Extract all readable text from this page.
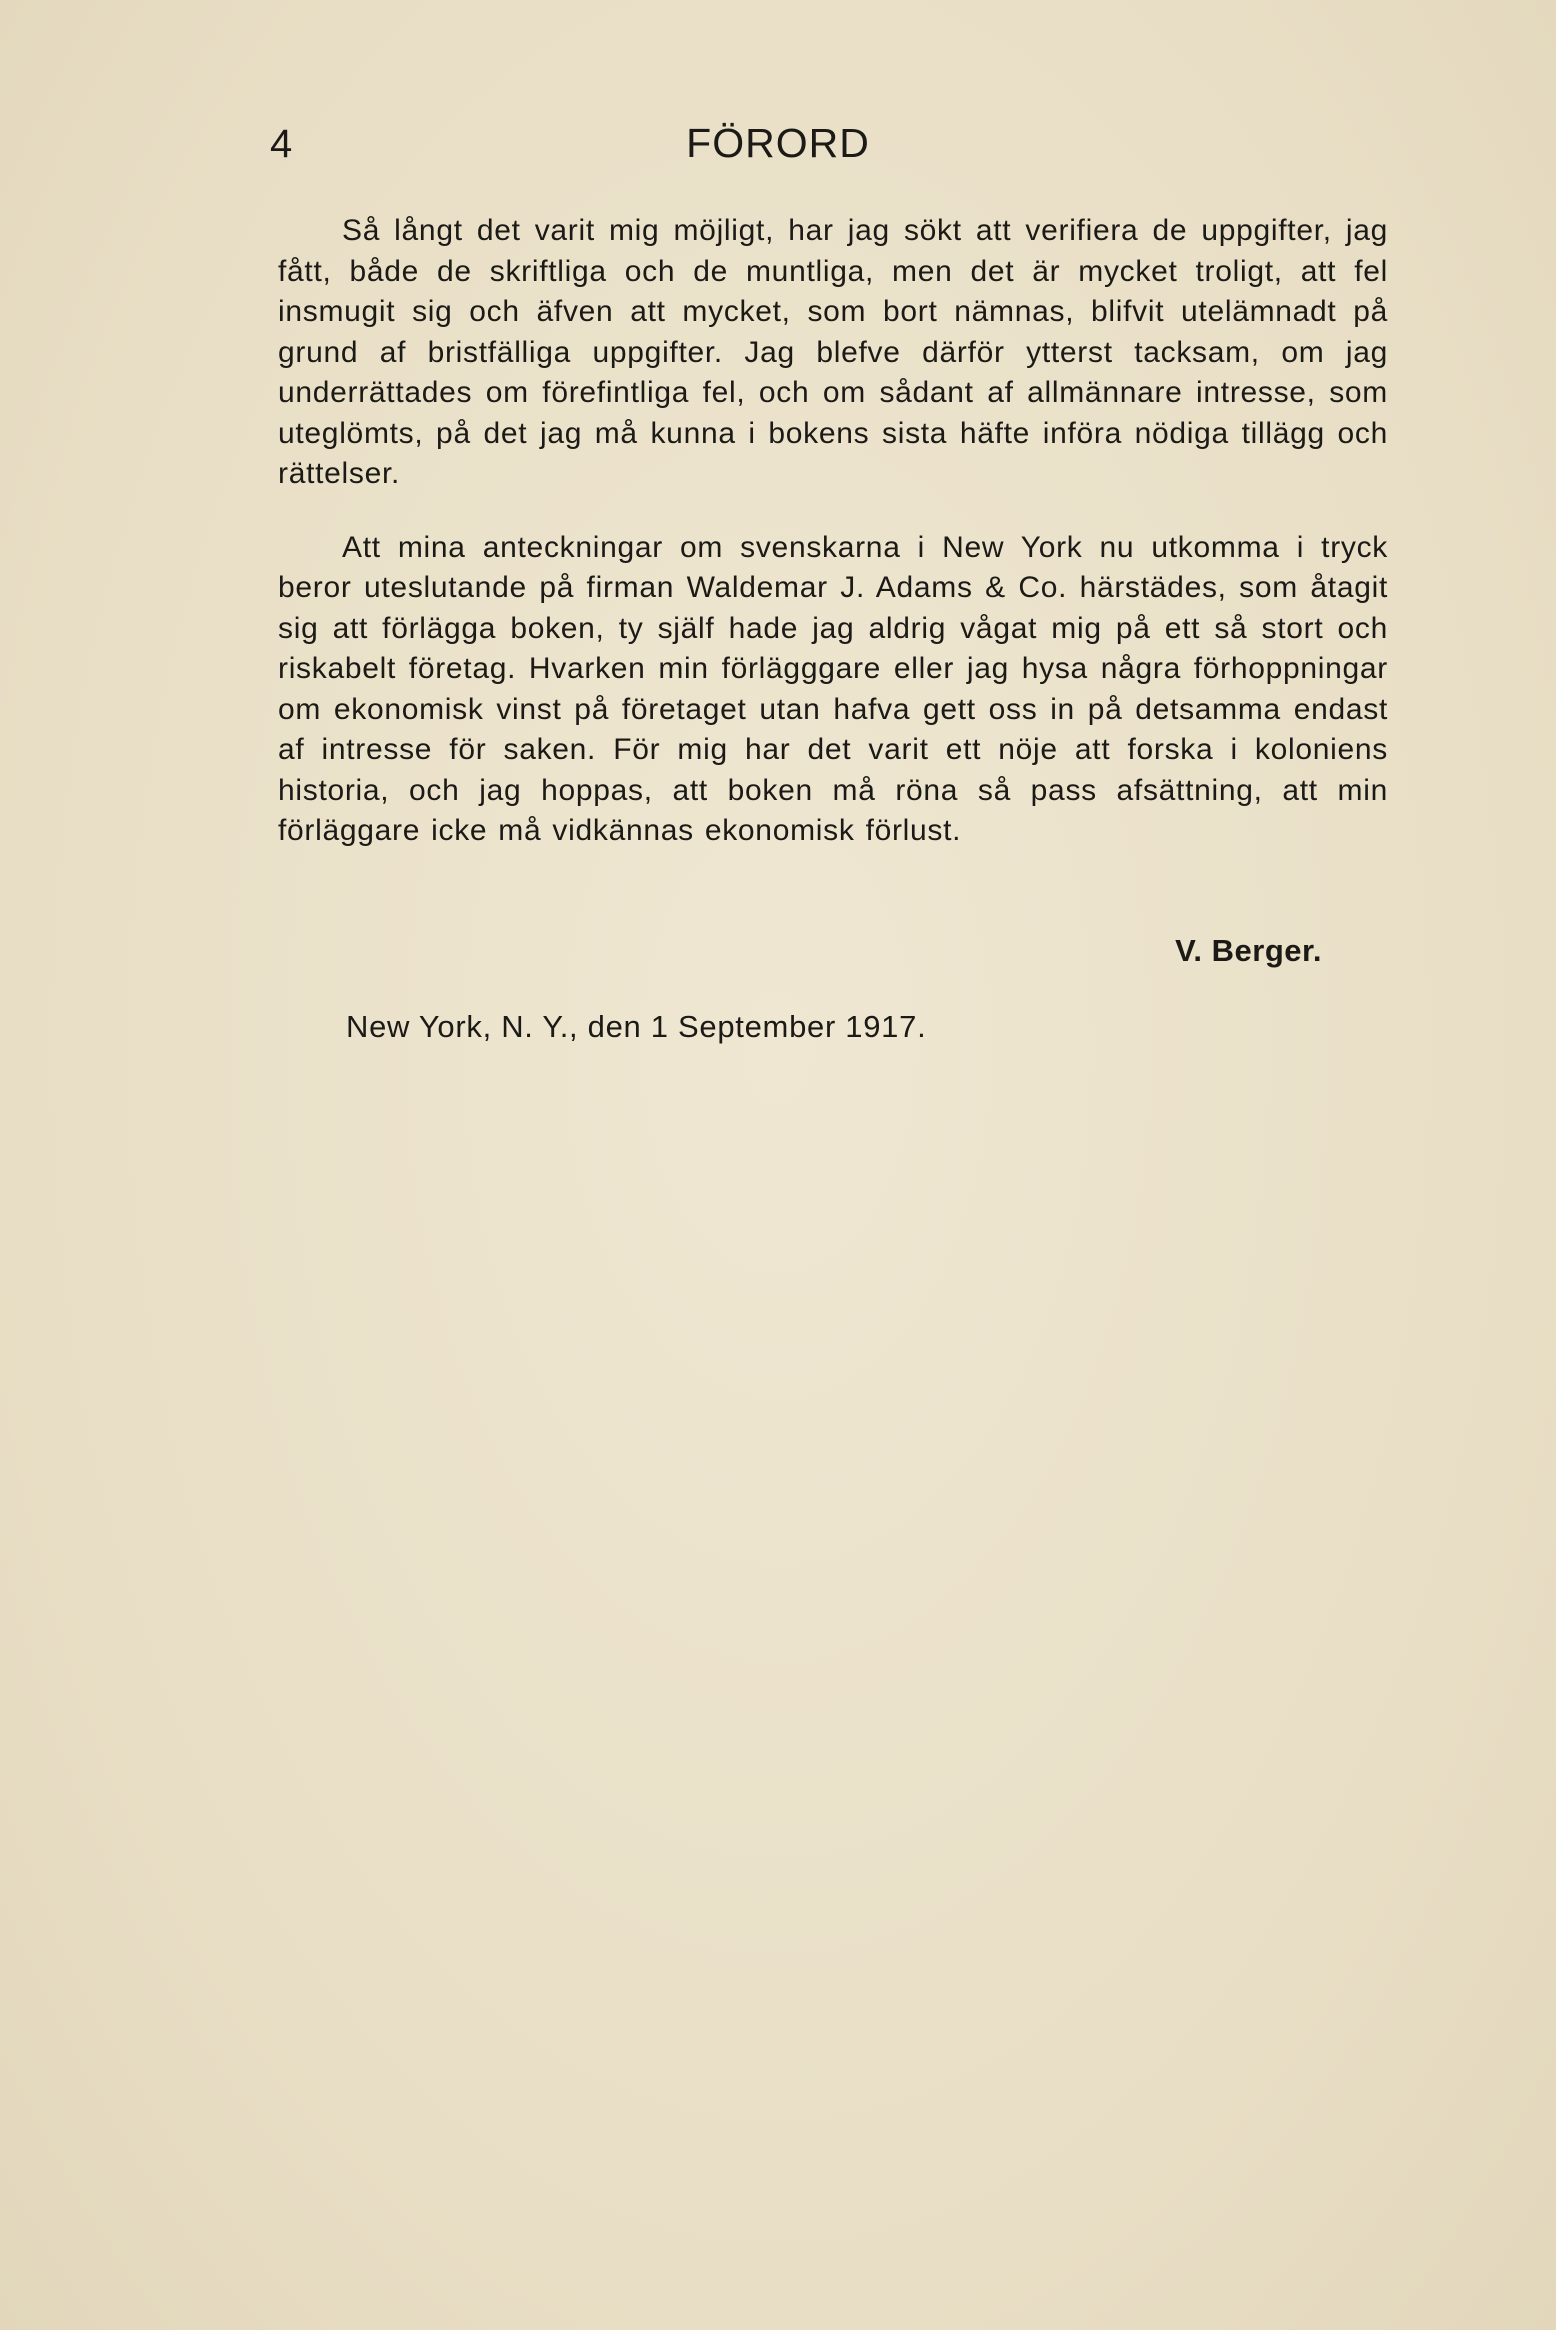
4	FÖRORD

Så långt det varit mig möjligt, har jag sökt att verifiera de uppgifter, jag fått, både de skriftliga och de muntliga, men det är mycket troligt, att fel insmugit sig och äfven att mycket, som bort nämnas, blifvit utelämnadt på grund af bristfälliga uppgifter. Jag blefve därför ytterst tacksam, om jag underrättades om förefintliga fel, och om sådant af allmännare intresse, som uteglömts, på det jag må kunna i bokens sista häfte införa nödiga tillägg och rättelser.

Att mina anteckningar om svenskarna i New York nu utkomma i tryck beror uteslutande på firman Waldemar J. Adams & Co. härstädes, som åtagit sig att förlägga boken, ty själf hade jag aldrig vågat mig på ett så stort och riskabelt företag. Hvarken min förlägggare eller jag hysa några förhoppningar om ekonomisk vinst på företaget utan hafva gett oss in på detsamma endast af intresse för saken. För mig har det varit ett nöje att forska i koloniens historia, och jag hoppas, att boken må röna så pass afsättning, att min förläggare icke må vidkännas ekonomisk förlust.

V. Berger.
New York, N. Y., den 1 September 1917.
